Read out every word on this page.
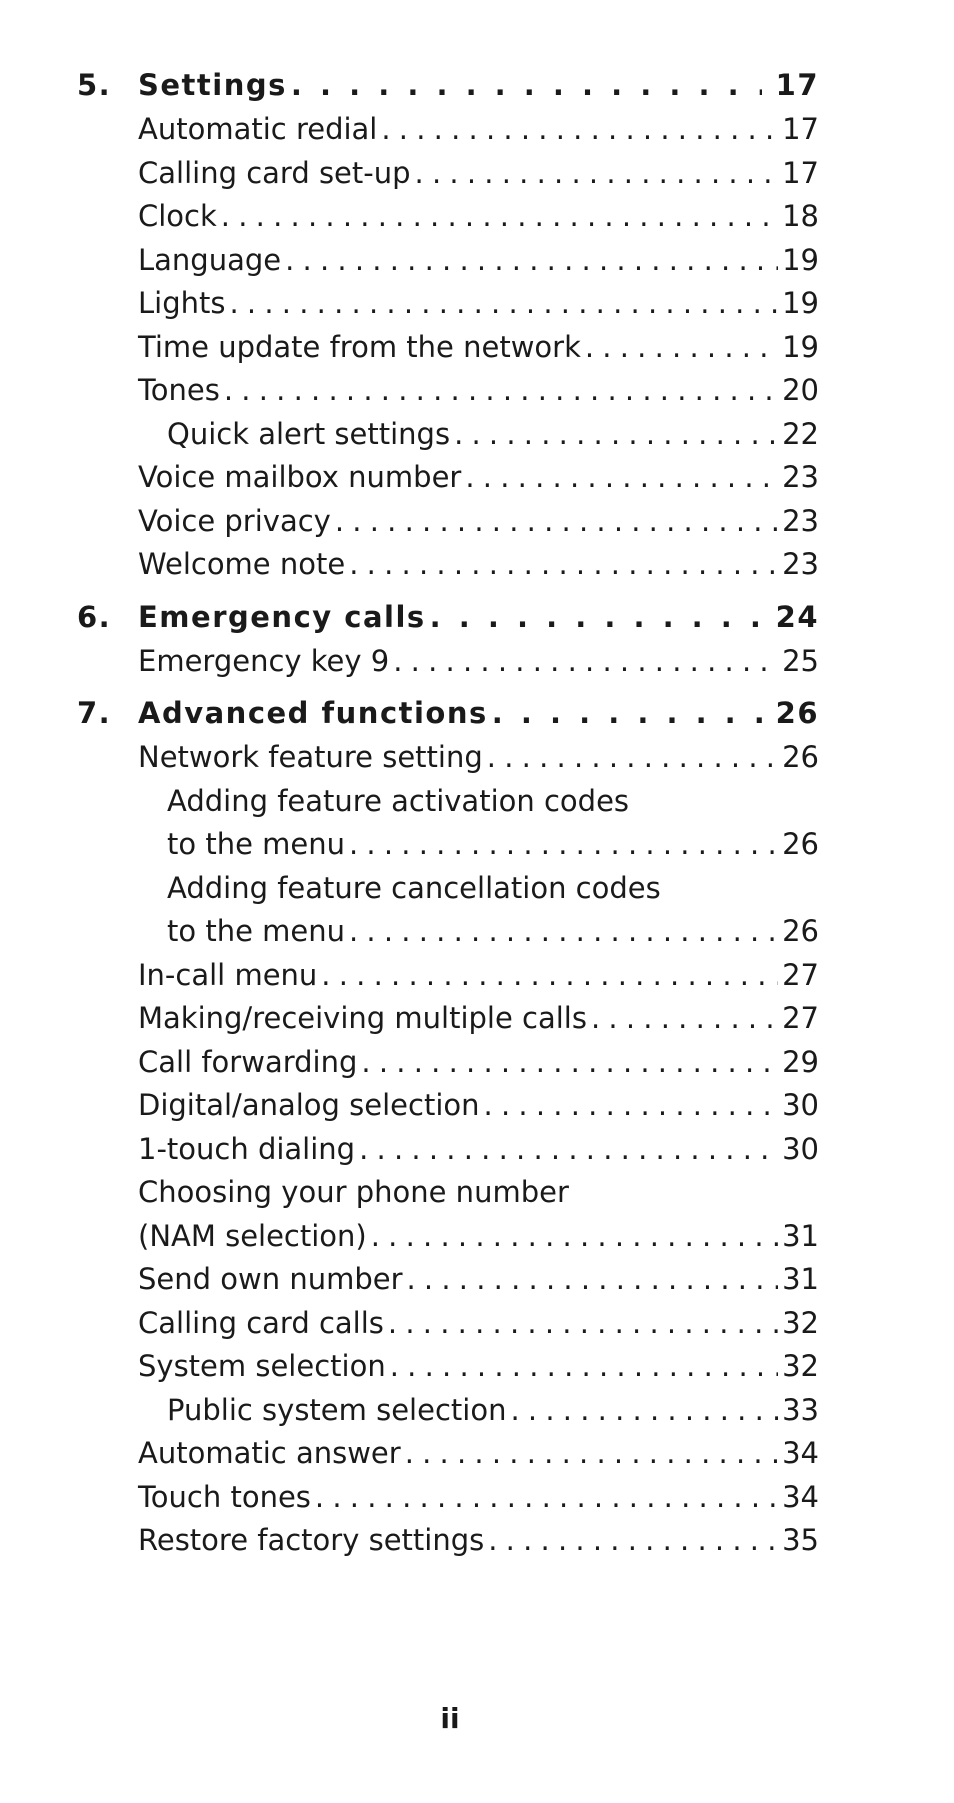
5. Settings . . .	17
Automatic redial . . .	17
Calling card set-up . . .	17
Clock . . .	18
Language . . .	19
Lights . . .	19
Time update from the network . . .	19
Tones . . .	20
Quick alert settings . . .	22
Voice mailbox number . . .	23
Voice privacy . . .	23
Welcome note . . .	23
6. Emergency calls . . .	24
Emergency key 9 . . .	25
7. Advanced functions . . .	26
Network feature setting . . .	26
Adding feature activation codes
to the menu . . .	26
Adding feature cancellation codes
to the menu . . .	26
In-call menu . . .	27
Making/receiving multiple calls . . .	27
Call forwarding . . .	29
Digital/analog selection . . .	30
1-touch dialing . . .	30
Choosing your phone number
(NAM selection) . . .	31
Send own number . . .	31
Calling card calls . . .	32
System selection . . .	32
Public system selection . . .	33
Automatic answer . . .	34
Touch tones . . .	34
Restore factory settings . . .	35
ii
